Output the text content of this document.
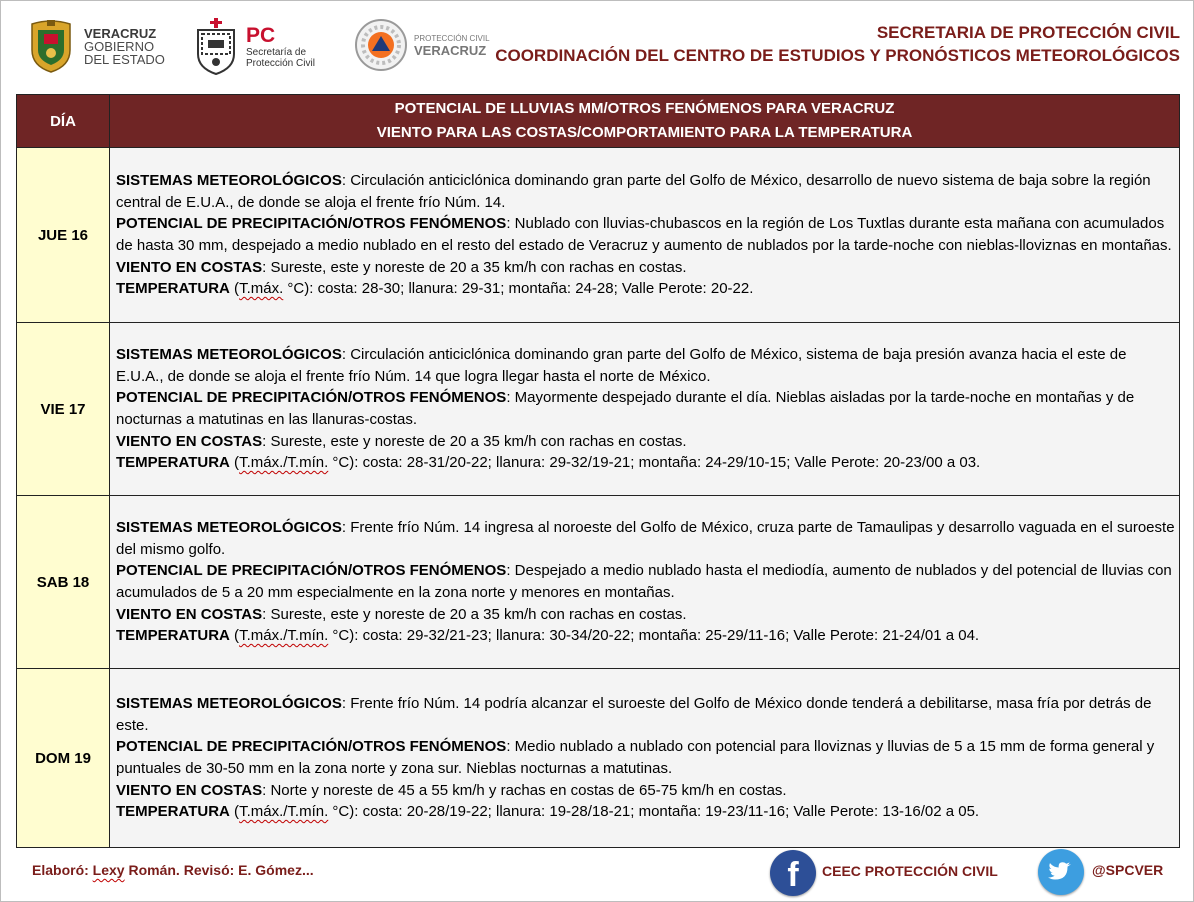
VERACRUZ
GOBIERNO
DEL ESTADO
PC
Secretaría de
Protección Civil
PROTECCIÓN CIVIL
VERACRUZ
SECRETARIA DE PROTECCIÓN CIVIL
COORDINACIÓN DEL CENTRO DE ESTUDIOS Y PRONÓSTICOS METEOROLÓGICOS
DÍA	POTENCIAL DE LLUVIAS MM/OTROS FENÓMENOS PARA VERACRUZ
VIENTO PARA LAS COSTAS/COMPORTAMIENTO PARA LA TEMPERATURA

JUE 16	SISTEMAS METEOROLÓGICOS: Circulación anticiclónica dominando gran parte del Golfo de México, desarrollo de nuevo sistema de baja sobre la región central de E.U.A., de donde se aloja el frente frío Núm. 14.
POTENCIAL DE PRECIPITACIÓN/OTROS FENÓMENOS: Nublado con lluvias-chubascos en la región de Los Tuxtlas durante esta mañana con acumulados de hasta 30 mm, despejado a medio nublado en el resto del estado de Veracruz y aumento de nublados por la tarde-noche con nieblas-lloviznas en montañas.
VIENTO EN COSTAS: Sureste, este y noreste de 20 a 35 km/h con rachas en costas.
TEMPERATURA (T.máx. °C): costa: 28-30; llanura: 29-31; montaña: 24-28; Valle Perote: 20-22.

VIE 17	SISTEMAS METEOROLÓGICOS: Circulación anticiclónica dominando gran parte del Golfo de México, sistema de baja presión avanza hacia el este de E.U.A., de donde se aloja el frente frío Núm. 14 que logra llegar hasta el norte de México.
POTENCIAL DE PRECIPITACIÓN/OTROS FENÓMENOS: Mayormente despejado durante el día. Nieblas aisladas por la tarde-noche en montañas y de nocturnas a matutinas en las llanuras-costas.
VIENTO EN COSTAS: Sureste, este y noreste de 20 a 35 km/h con rachas en costas.
TEMPERATURA (T.máx./T.mín. °C): costa: 28-31/20-22; llanura: 29-32/19-21; montaña: 24-29/10-15; Valle Perote: 20-23/00 a 03.

SAB 18	SISTEMAS METEOROLÓGICOS: Frente frío Núm. 14 ingresa al noroeste del Golfo de México, cruza parte de Tamaulipas y desarrollo vaguada en el suroeste del mismo golfo.
POTENCIAL DE PRECIPITACIÓN/OTROS FENÓMENOS: Despejado a medio nublado hasta el mediodía, aumento de nublados y del potencial de lluvias con acumulados de 5 a 20 mm especialmente en la zona norte y menores en montañas.
VIENTO EN COSTAS: Sureste, este y noreste de 20 a 35 km/h con rachas en costas.
TEMPERATURA (T.máx./T.mín. °C): costa: 29-32/21-23; llanura: 30-34/20-22; montaña: 25-29/11-16; Valle Perote: 21-24/01 a 04.

DOM 19	SISTEMAS METEOROLÓGICOS: Frente frío Núm. 14 podría alcanzar el suroeste del Golfo de México donde tenderá a debilitarse, masa fría por detrás de este.
POTENCIAL DE PRECIPITACIÓN/OTROS FENÓMENOS: Medio nublado a nublado con potencial para lloviznas y lluvias de 5 a 15 mm de forma general y puntuales de 30-50 mm en la zona norte y zona sur. Nieblas nocturnas a matutinas.
VIENTO EN COSTAS: Norte y noreste de 45 a 55 km/h y rachas en costas de 65-75 km/h en costas.
TEMPERATURA (T.máx./T.mín. °C): costa: 20-28/19-22; llanura: 19-28/18-21; montaña: 19-23/11-16; Valle Perote: 13-16/02 a 05.
Elaboró: Lexy Román. Revisó: E. Gómez...	f	CEEC PROTECCIÓN CIVIL	@SPCVER
